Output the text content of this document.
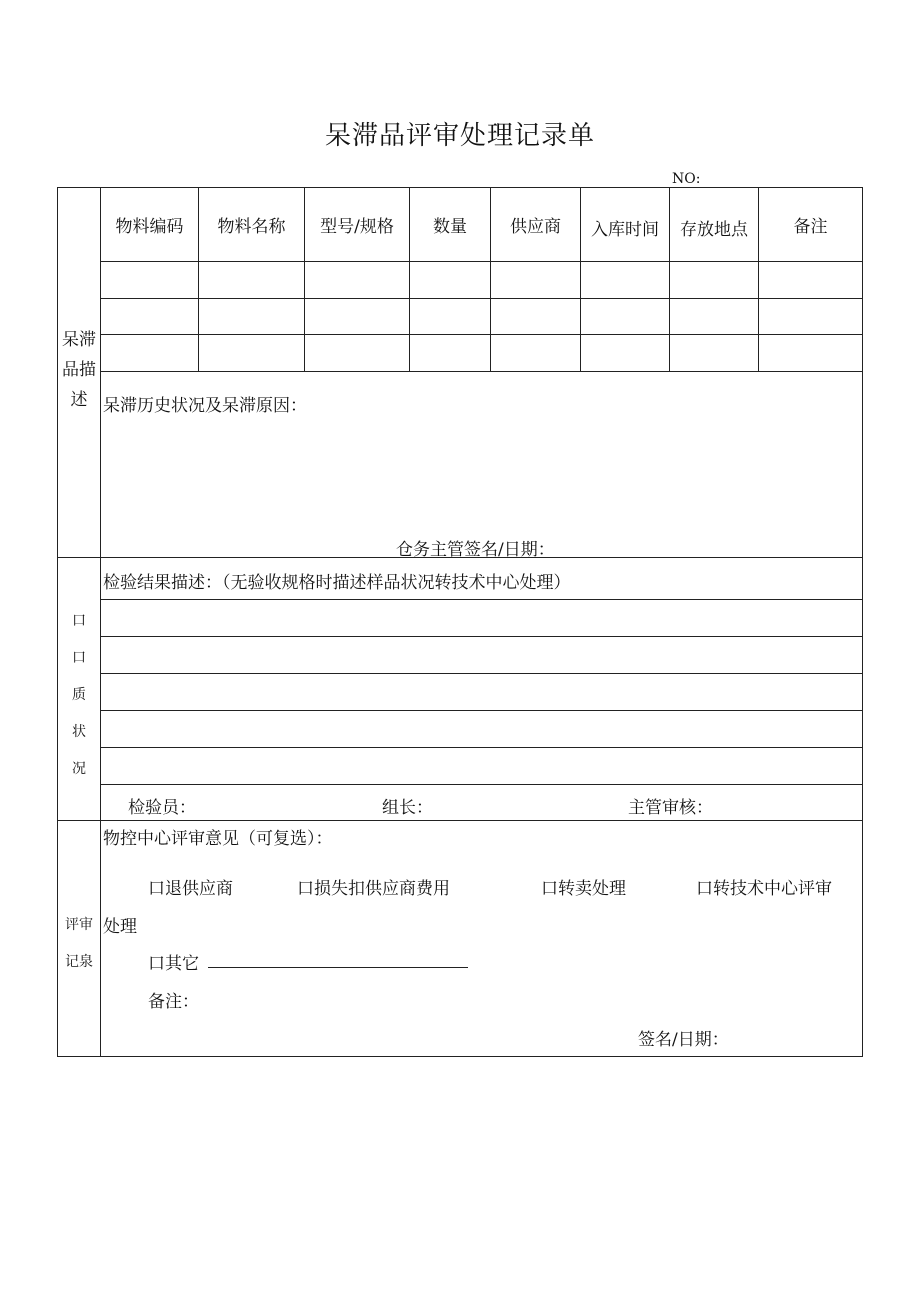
呆滞品评审处理记录单
NO:
物料编码	物料名称	型号/规格	数量	供应商	入库时间	存放地点	备注
呆滞
品描
述 呆滞历史状况及呆滞原因：
仓务主管签名/日期：
口
口
质
状
况
检验结果描述：（无验收规格时描述样品状况转技术中心处理）
检验员：	组长：	主管审核：
评审
记泉
物控中心评审意见（可复选）：
口退供应商	口损失扣供应商费用	口转卖处理	口转技术中心评审
处理
口其它
备注：
签名/日期：
